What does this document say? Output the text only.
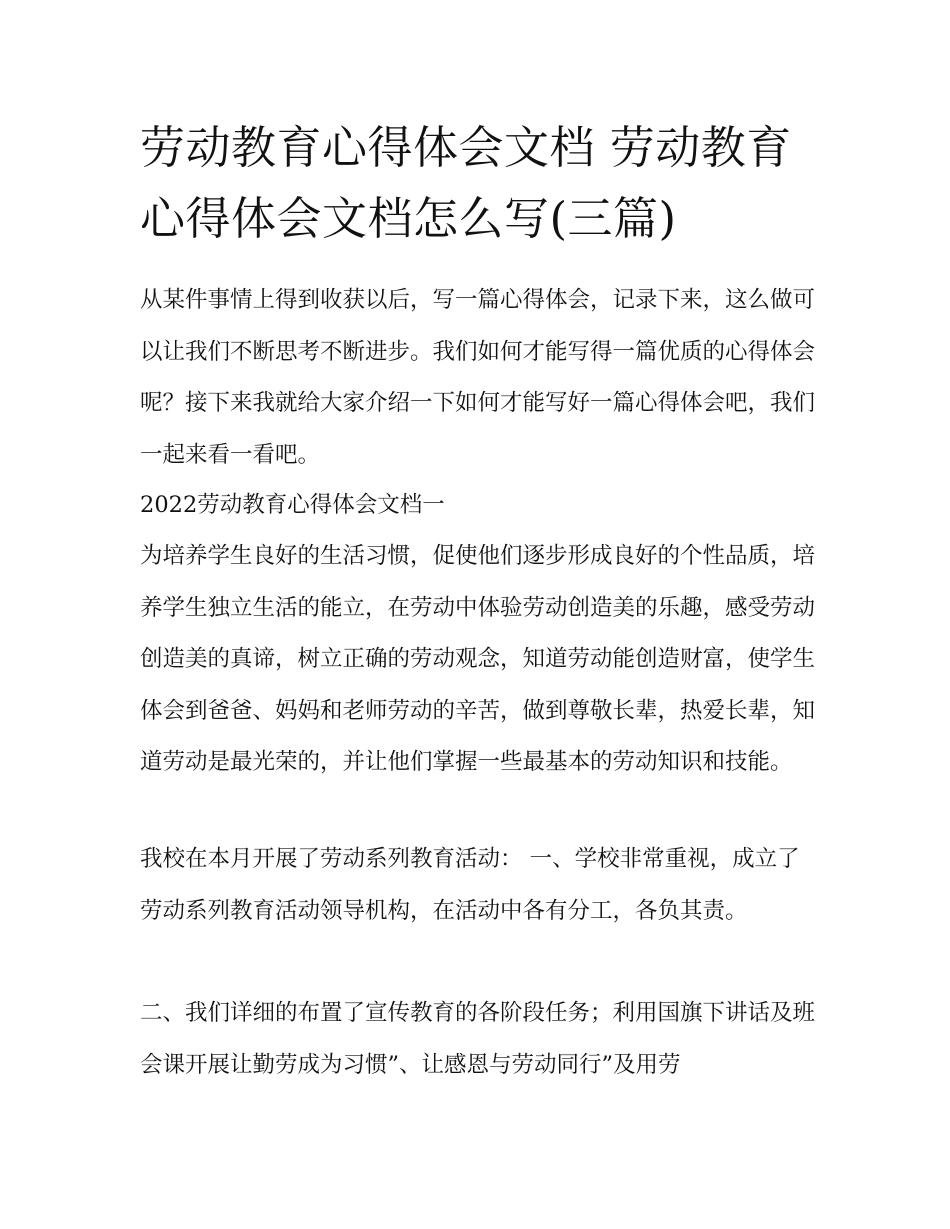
劳动教育心得体会文档 劳动教育心得体会文档怎么写(三篇)

从某件事情上得到收获以后，写一篇心得体会，记录下来，这么做可以让我们不断思考不断进步。我们如何才能写得一篇优质的心得体会呢？接下来我就给大家介绍一下如何才能写好一篇心得体会吧，我们一起来看一看吧。

2022劳动教育心得体会文档一

为培养学生良好的生活习惯，促使他们逐步形成良好的个性品质，培养学生独立生活的能立，在劳动中体验劳动创造美的乐趣，感受劳动创造美的真谛，树立正确的劳动观念，知道劳动能创造财富，使学生体会到爸爸、妈妈和老师劳动的辛苦，做到尊敬长辈，热爱长辈，知道劳动是最光荣的，并让他们掌握一些最基本的劳动知识和技能。

我校在本月开展了劳动系列教育活动： 一、学校非常重视，成立了劳动系列教育活动领导机构，在活动中各有分工，各负其责。

二、我们详细的布置了宣传教育的各阶段任务；利用国旗下讲话及班会课开展让勤劳成为习惯”、让感恩与劳动同行”及用劳
